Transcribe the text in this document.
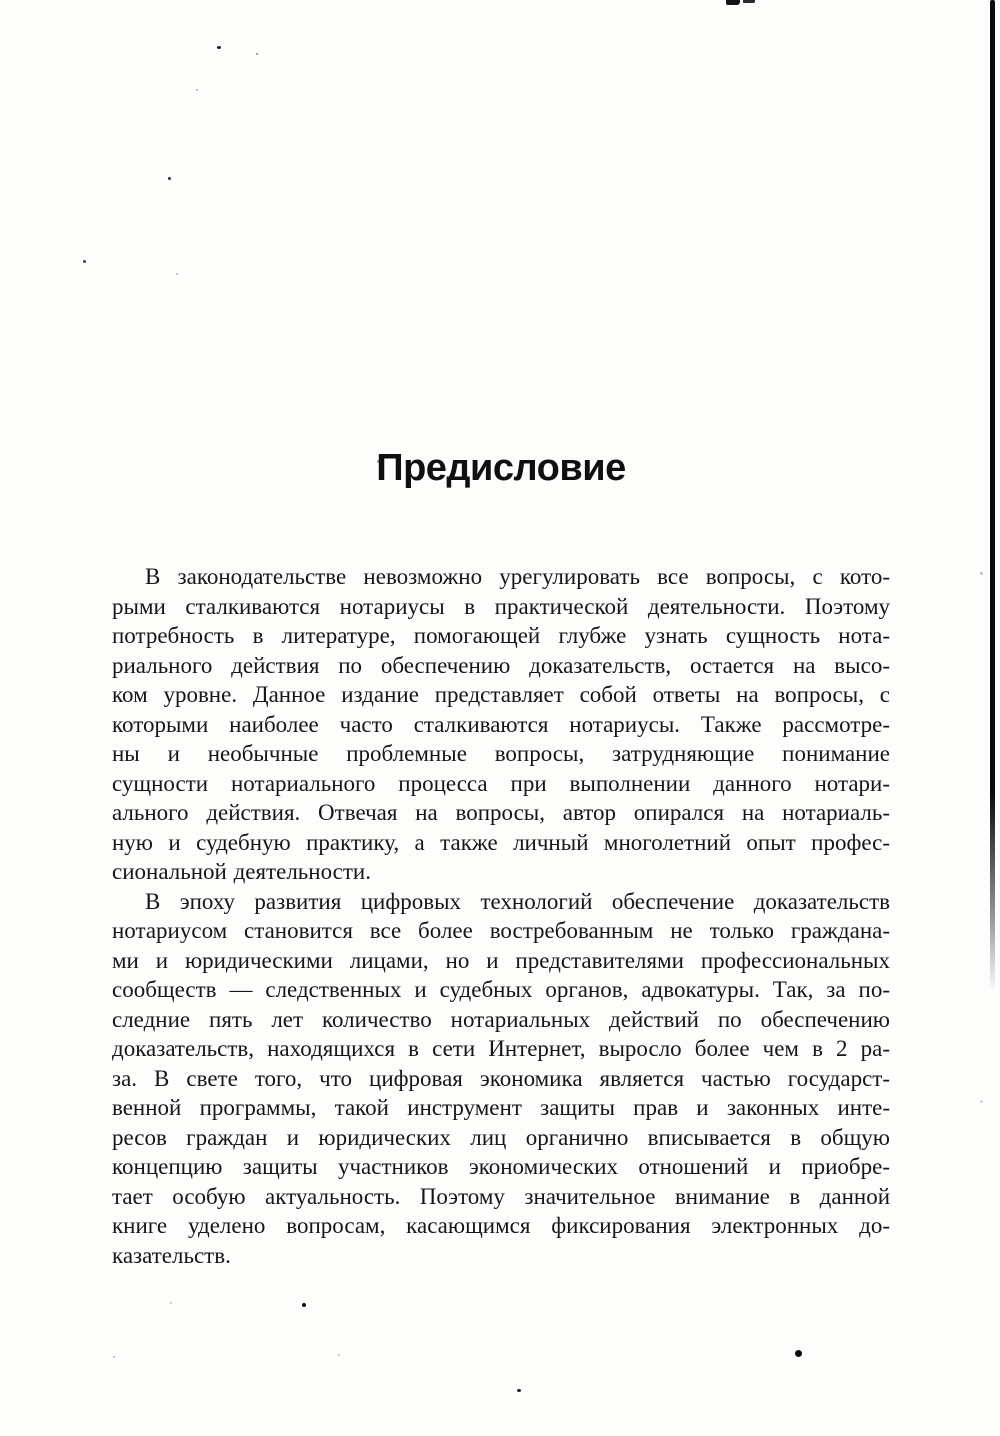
Предисловие
В законодательстве невозможно урегулировать все вопросы, с кото-
рыми сталкиваются нотариусы в практической деятельности. Поэтому
потребность в литературе, помогающей глубже узнать сущность нота-
риального действия по обеспечению доказательств, остается на высо-
ком уровне. Данное издание представляет собой ответы на вопросы, с
которыми наиболее часто сталкиваются нотариусы. Также рассмотре-
ны и необычные проблемные вопросы, затрудняющие понимание
сущности нотариального процесса при выполнении данного нотари-
ального действия. Отвечая на вопросы, автор опирался на нотариаль-
ную и судебную практику, а также личный многолетний опыт профес-
сиональной деятельности.
В эпоху развития цифровых технологий обеспечение доказательств
нотариусом становится все более востребованным не только граждана-
ми и юридическими лицами, но и представителями профессиональных
сообществ — следственных и судебных органов, адвокатуры. Так, за по-
следние пять лет количество нотариальных действий по обеспечению
доказательств, находящихся в сети Интернет, выросло более чем в 2 ра-
за. В свете того, что цифровая экономика является частью государст-
венной программы, такой инструмент защиты прав и законных инте-
ресов граждан и юридических лиц органично вписывается в общую
концепцию защиты участников экономических отношений и приобре-
тает особую актуальность. Поэтому значительное внимание в данной
книге уделено вопросам, касающимся фиксирования электронных до-
казательств.
